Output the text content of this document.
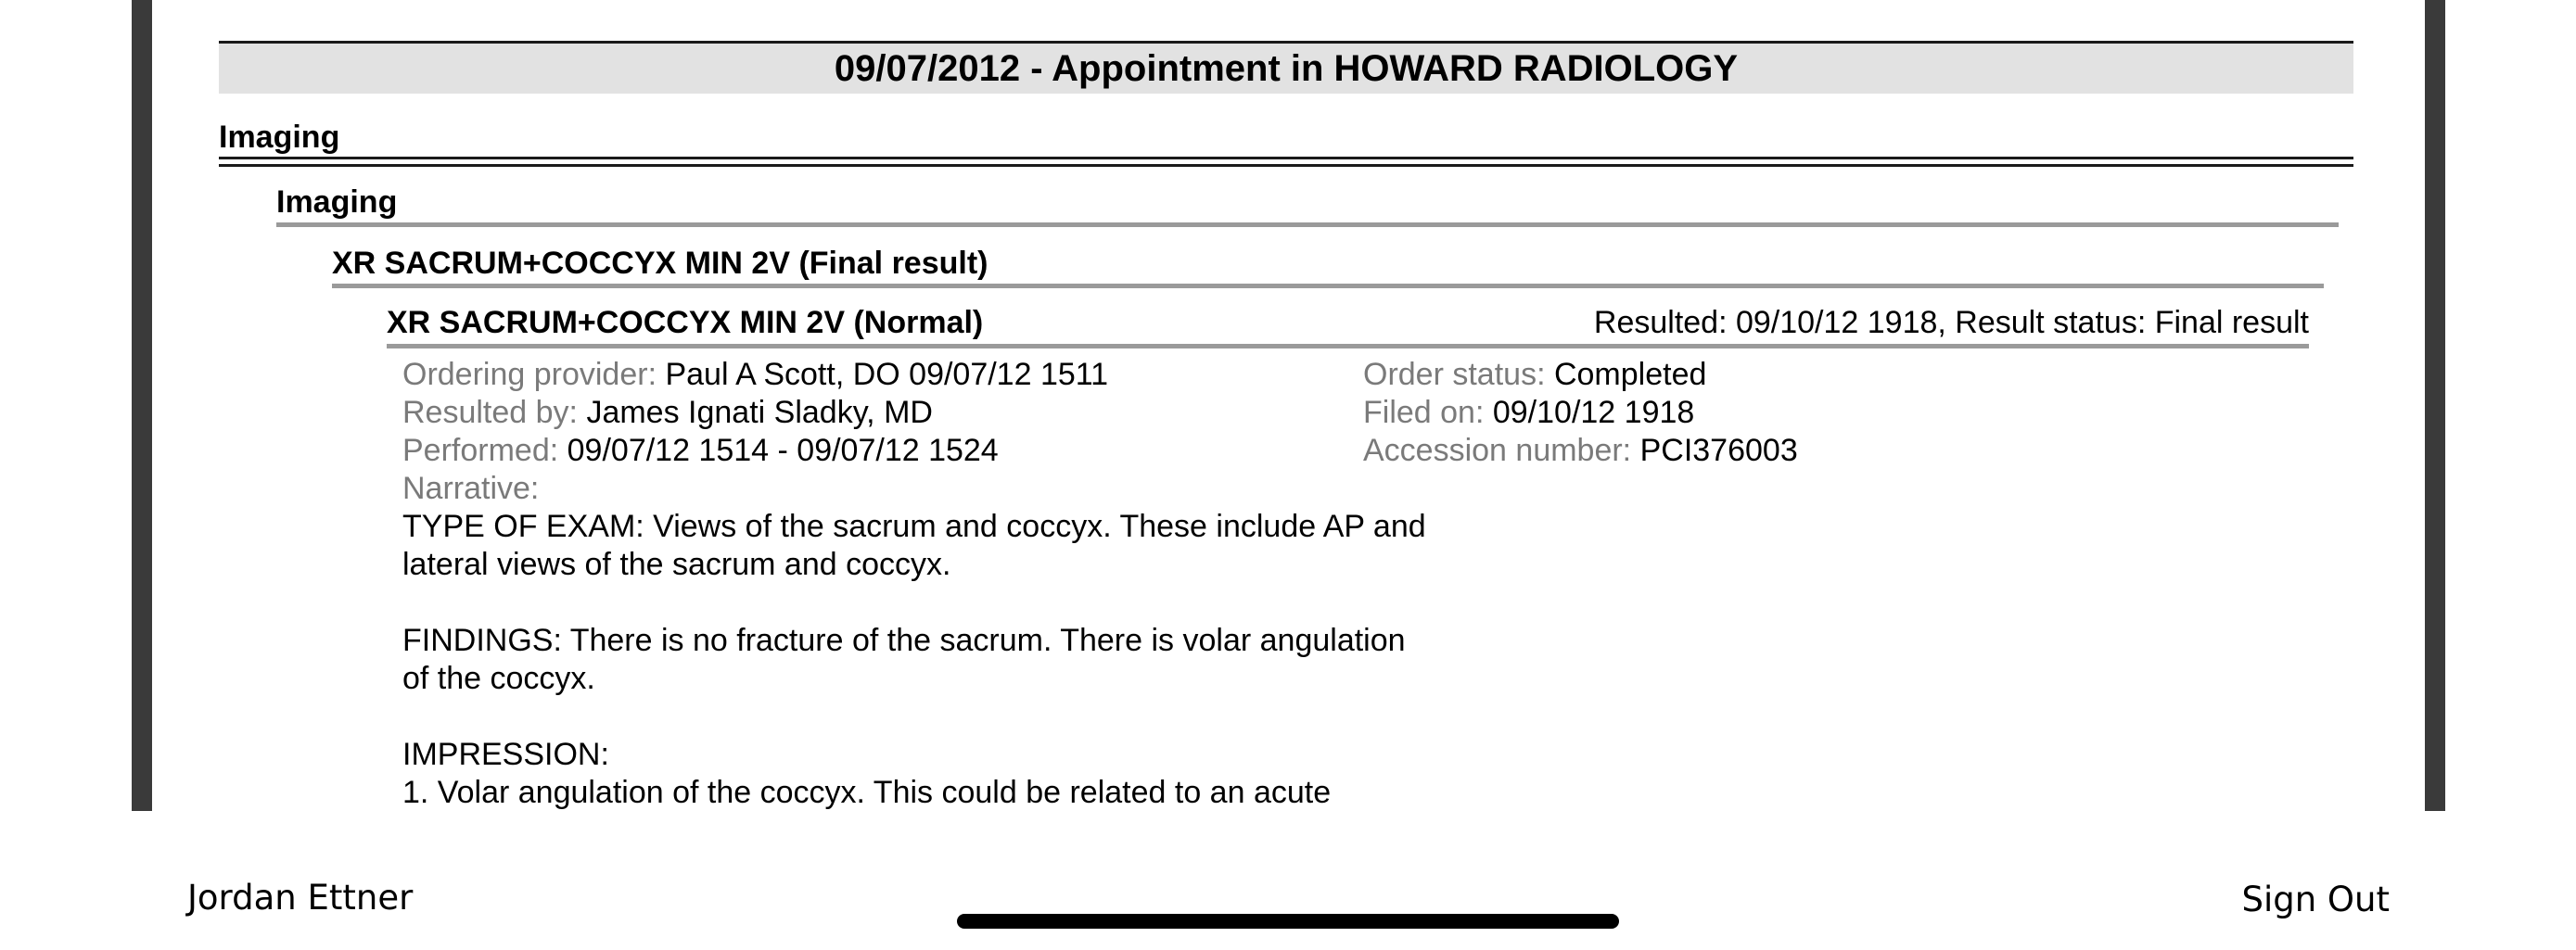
09/07/2012 - Appointment in HOWARD RADIOLOGY
Imaging
Imaging
XR SACRUM+COCCYX MIN 2V (Final result)
XR SACRUM+COCCYX MIN 2V (Normal)	Resulted: 09/10/12 1918, Result status: Final result
Ordering provider: Paul A Scott, DO 09/07/12 1511
Resulted by: James Ignati Sladky, MD
Performed: 09/07/12 1514 - 09/07/12 1524
Narrative:
Order status: Completed
Filed on: 09/10/12 1918
Accession number: PCI376003
TYPE OF EXAM: Views of the sacrum and coccyx. These include AP and
lateral views of the sacrum and coccyx.

FINDINGS: There is no fracture of the sacrum. There is volar angulation
of the coccyx.

IMPRESSION:
1. Volar angulation of the coccyx. This could be related to an acute
Jordan Ettner	Sign Out
